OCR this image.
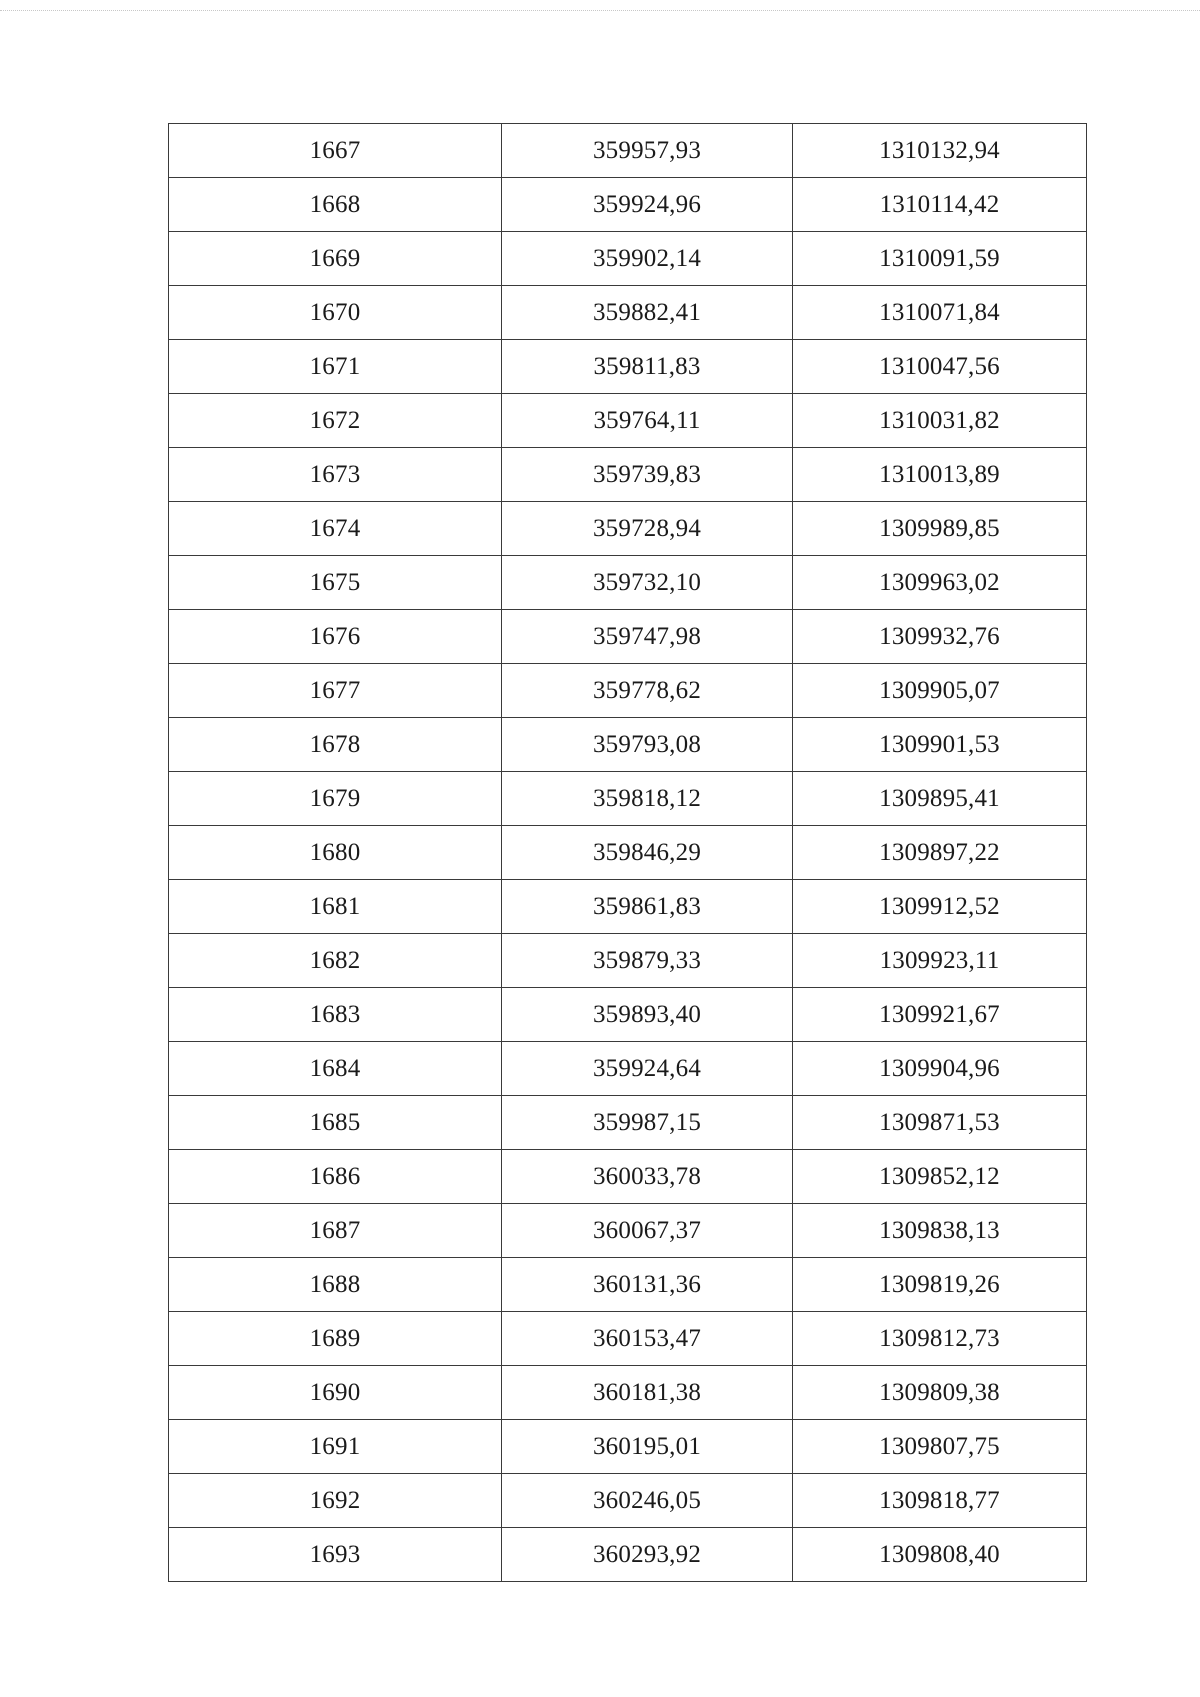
1667	359957,93	1310132,94
1668	359924,96	1310114,42
1669	359902,14	1310091,59
1670	359882,41	1310071,84
1671	359811,83	1310047,56
1672	359764,11	1310031,82
1673	359739,83	1310013,89
1674	359728,94	1309989,85
1675	359732,10	1309963,02
1676	359747,98	1309932,76
1677	359778,62	1309905,07
1678	359793,08	1309901,53
1679	359818,12	1309895,41
1680	359846,29	1309897,22
1681	359861,83	1309912,52
1682	359879,33	1309923,11
1683	359893,40	1309921,67
1684	359924,64	1309904,96
1685	359987,15	1309871,53
1686	360033,78	1309852,12
1687	360067,37	1309838,13
1688	360131,36	1309819,26
1689	360153,47	1309812,73
1690	360181,38	1309809,38
1691	360195,01	1309807,75
1692	360246,05	1309818,77
1693	360293,92	1309808,40
